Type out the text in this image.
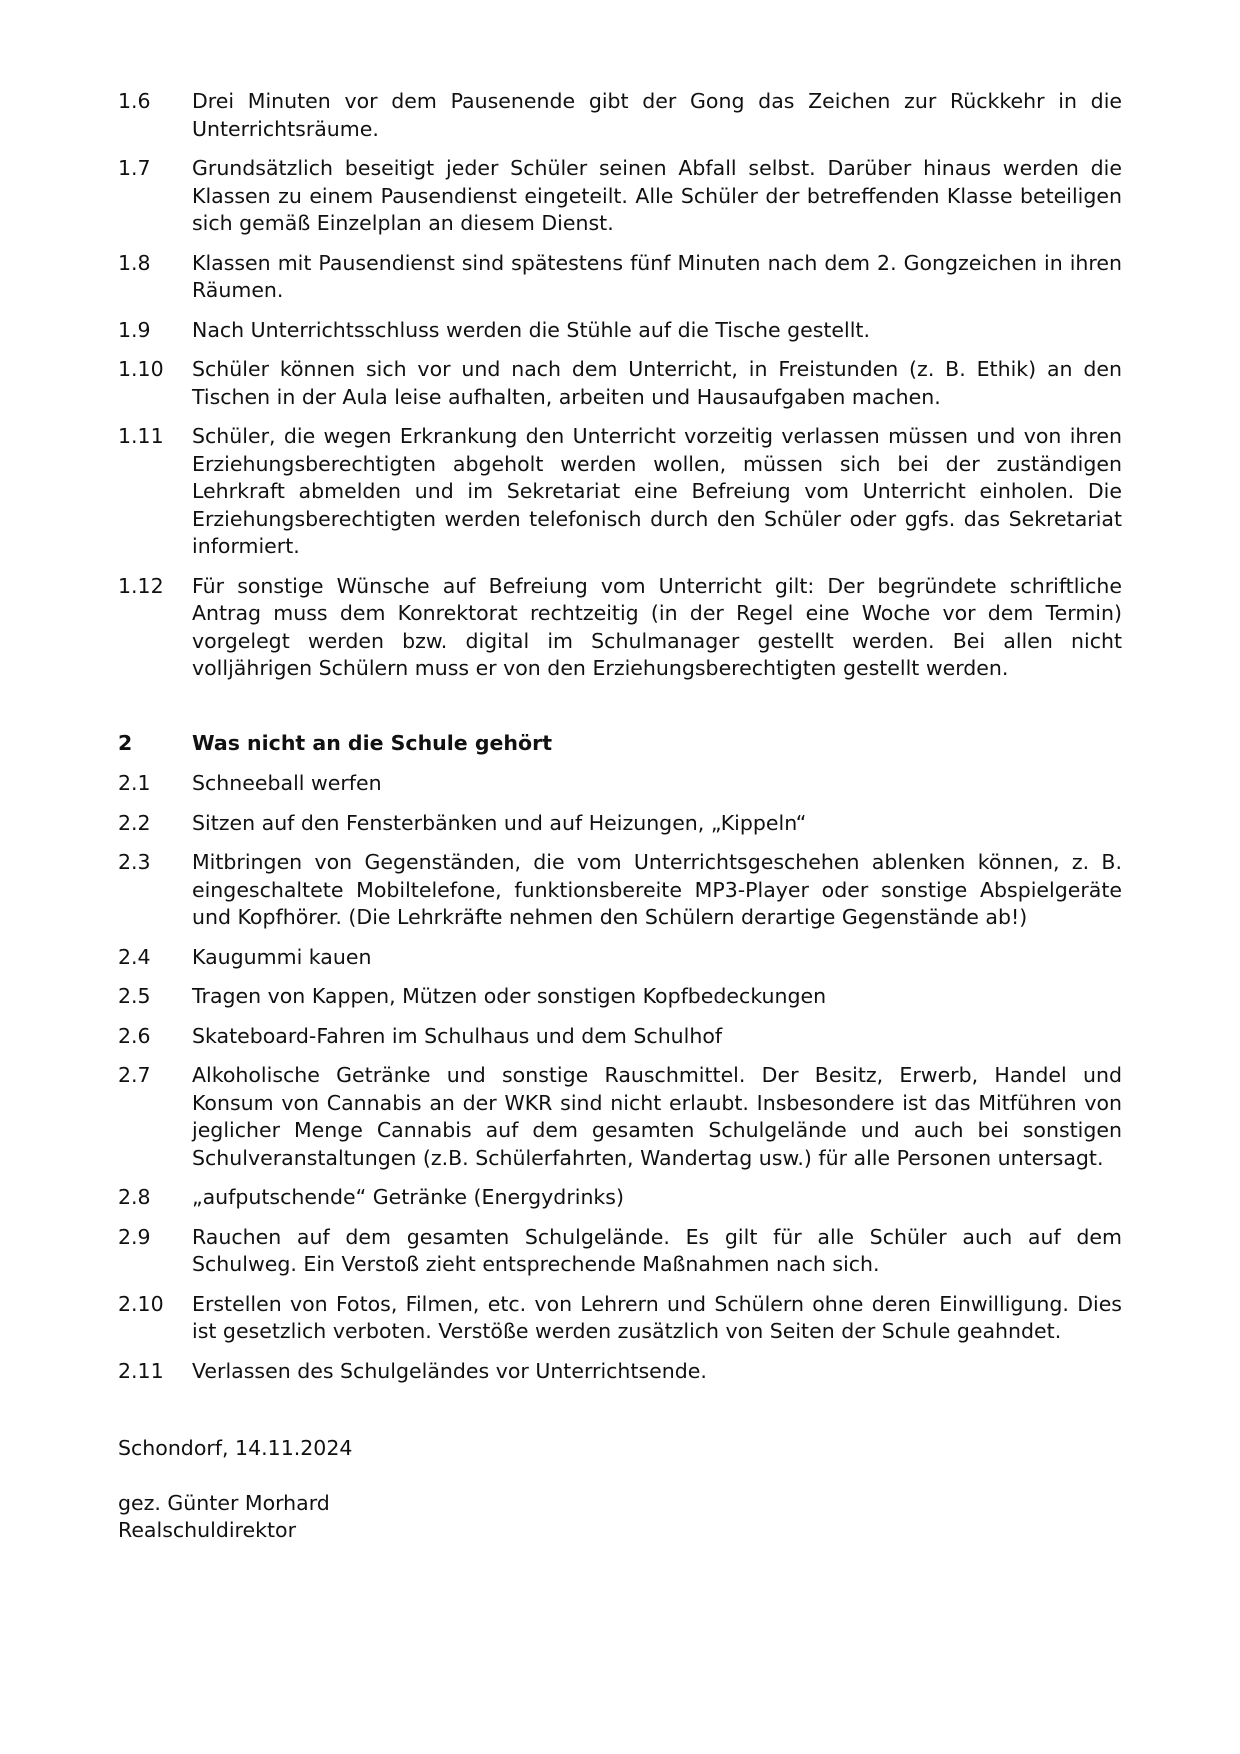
1.6	Drei Minuten vor dem Pausenende gibt der Gong das Zeichen zur Rückkehr in die Unterrichtsräume.
1.7	Grundsätzlich beseitigt jeder Schüler seinen Abfall selbst. Darüber hinaus werden die Klassen zu einem Pausendienst eingeteilt. Alle Schüler der betreffenden Klasse beteiligen sich gemäß Einzelplan an diesem Dienst.
1.8	Klassen mit Pausendienst sind spätestens fünf Minuten nach dem 2. Gongzeichen in ihren Räumen.
1.9	Nach Unterrichtsschluss werden die Stühle auf die Tische gestellt.
1.10	Schüler können sich vor und nach dem Unterricht, in Freistunden (z. B. Ethik) an den Tischen in der Aula leise aufhalten, arbeiten und Hausaufgaben machen.
1.11	Schüler, die wegen Erkrankung den Unterricht vorzeitig verlassen müssen und von ihren Erziehungsberechtigten abgeholt werden wollen, müssen sich bei der zuständigen Lehrkraft abmelden und im Sekretariat eine Befreiung vom Unterricht einholen. Die Erziehungsberechtigten werden telefonisch durch den Schüler oder ggfs. das Sekretariat informiert.
1.12	Für sonstige Wünsche auf Befreiung vom Unterricht gilt: Der begründete schriftliche Antrag muss dem Konrektorat rechtzeitig (in der Regel eine Woche vor dem Termin) vorgelegt werden bzw. digital im Schulmanager gestellt werden. Bei allen nicht volljährigen Schülern muss er von den Erziehungsberechtigten gestellt werden.
2	Was nicht an die Schule gehört
2.1	Schneeball werfen
2.2	Sitzen auf den Fensterbänken und auf Heizungen, „Kippeln“
2.3	Mitbringen von Gegenständen, die vom Unterrichtsgeschehen ablenken können, z. B. eingeschaltete Mobiltelefone, funktionsbereite MP3-Player oder sonstige Abspielgeräte und Kopfhörer. (Die Lehrkräfte nehmen den Schülern derartige Gegenstände ab!)
2.4	Kaugummi kauen
2.5	Tragen von Kappen, Mützen oder sonstigen Kopfbedeckungen
2.6	Skateboard-Fahren im Schulhaus und dem Schulhof
2.7	Alkoholische Getränke und sonstige Rauschmittel. Der Besitz, Erwerb, Handel und Konsum von Cannabis an der WKR sind nicht erlaubt. Insbesondere ist das Mitführen von jeglicher Menge Cannabis auf dem gesamten Schulgelände und auch bei sonstigen Schulveranstaltungen (z.B. Schülerfahrten, Wandertag usw.) für alle Personen untersagt.
2.8	„aufputschende“ Getränke (Energydrinks)
2.9	Rauchen auf dem gesamten Schulgelände. Es gilt für alle Schüler auch auf dem Schulweg. Ein Verstoß zieht entsprechende Maßnahmen nach sich.
2.10	Erstellen von Fotos, Filmen, etc. von Lehrern und Schülern ohne deren Einwilligung. Dies ist gesetzlich verboten. Verstöße werden zusätzlich von Seiten der Schule geahndet.
2.11	Verlassen des Schulgeländes vor Unterrichtsende.
Schondorf, 14.11.2024
gez. Günter Morhard
Realschuldirektor
